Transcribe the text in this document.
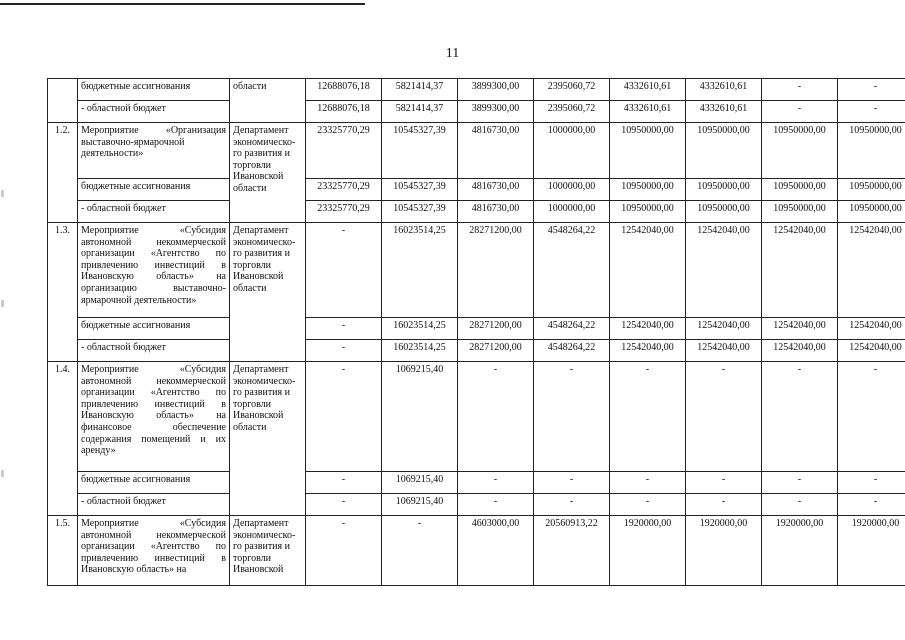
11
	бюджетные ассигнования	области	12688076,18	5821414,37	3899300,00	2395060,72	4332610,61	4332610,61	-	-
	- областной бюджет		12688076,18	5821414,37	3899300,00	2395060,72	4332610,61	4332610,61	-	-
1.2.	Мероприятие «Организация выставочно-ярмарочной деятельности»	Департамент экономическо-го развития и торговли Ивановской области	23325770,29	10545327,39	4816730,00	1000000,00	10950000,00	10950000,00	10950000,00	10950000,00
	бюджетные ассигнования		23325770,29	10545327,39	4816730,00	1000000,00	10950000,00	10950000,00	10950000,00	10950000,00
	- областной бюджет		23325770,29	10545327,39	4816730,00	1000000,00	10950000,00	10950000,00	10950000,00	10950000,00
1.3.	Мероприятие «Субсидия автономной некоммерческой организации «Агентство по привлечению инвестиций в Ивановскую область» на организацию выставочно-ярмарочной деятельности»	Департамент экономическо-го развития и торговли Ивановской области	-	16023514,25	28271200,00	4548264,22	12542040,00	12542040,00	12542040,00	12542040,00
	бюджетные ассигнования		-	16023514,25	28271200,00	4548264,22	12542040,00	12542040,00	12542040,00	12542040,00
	- областной бюджет		-	16023514,25	28271200,00	4548264,22	12542040,00	12542040,00	12542040,00	12542040,00
1.4.	Мероприятие «Субсидия автономной некоммерческой организации «Агентство по привлечению инвестиций в Ивановскую область» на финансовое обеспечение содержания помещений и их аренду»	Департамент экономическо-го развития и торговли Ивановской области	-	1069215,40	-	-	-	-	-	-
	бюджетные ассигнования		-	1069215,40	-	-	-	-	-	-
	- областной бюджет		-	1069215,40	-	-	-	-	-	-
1.5.	Мероприятие «Субсидия автономной некоммерческой организации «Агентство по привлечению инвестиций в Ивановскую область» на	Департамент экономическо-го развития и торговли Ивановской	-	-	4603000,00	20560913,22	1920000,00	1920000,00	1920000,00	1920000,00
